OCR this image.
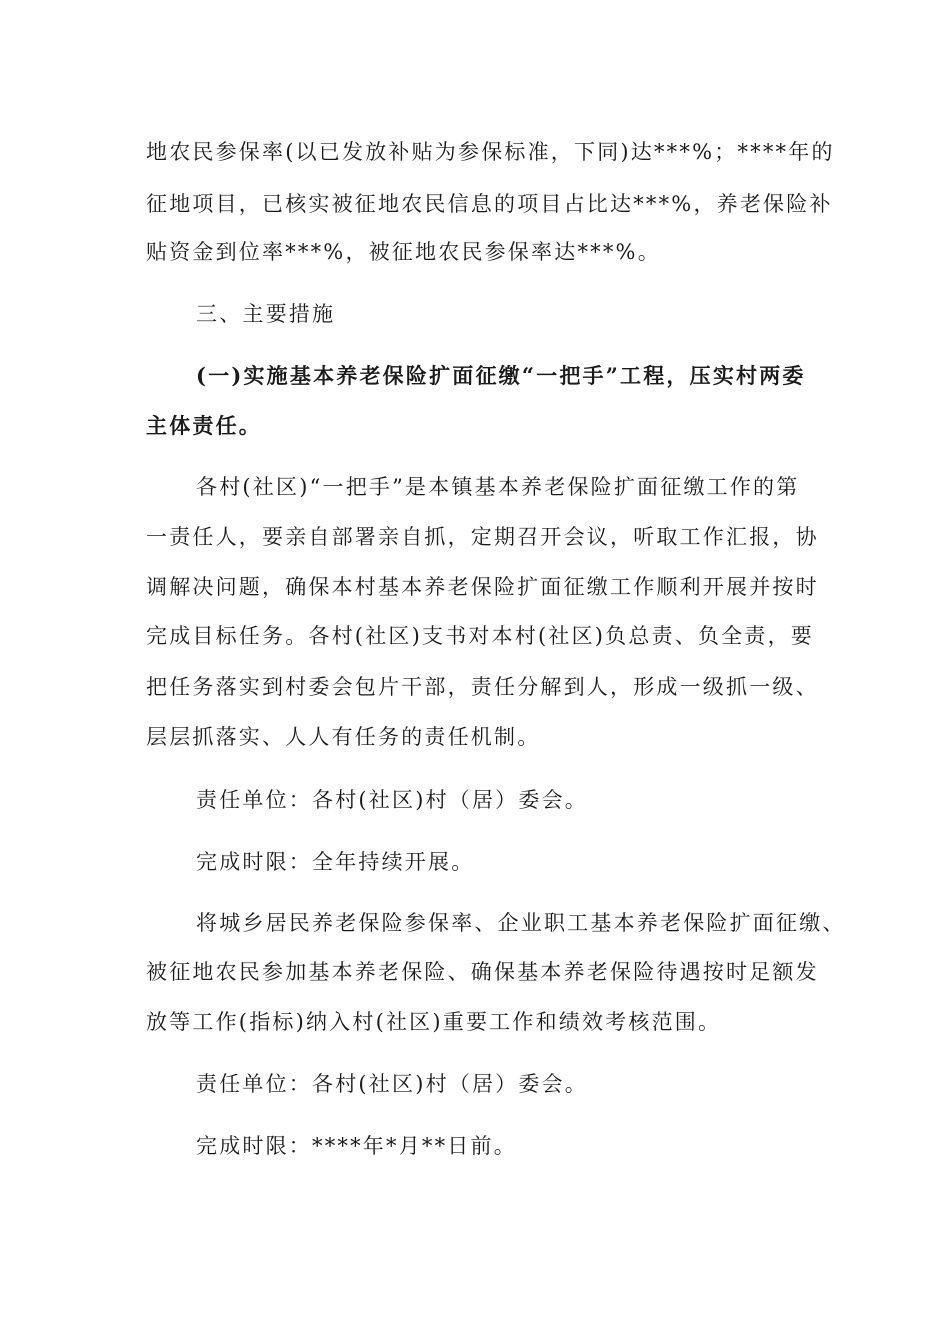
地农民参保率(以已发放补贴为参保标准，下同)达***%；****年的
征地项目，已核实被征地农民信息的项目占比达***%，养老保险补
贴资金到位率***%，被征地农民参保率达***%。
三、主要措施
(一)实施基本养老保险扩面征缴“一把手”工程，压实村两委
主体责任。
各村(社区)“一把手”是本镇基本养老保险扩面征缴工作的第
一责任人，要亲自部署亲自抓，定期召开会议，听取工作汇报，协
调解决问题，确保本村基本养老保险扩面征缴工作顺利开展并按时
完成目标任务。各村(社区)支书对本村(社区)负总责、负全责，要
把任务落实到村委会包片干部，责任分解到人，形成一级抓一级、
层层抓落实、人人有任务的责任机制。
责任单位：各村(社区)村（居）委会。
完成时限：全年持续开展。
将城乡居民养老保险参保率、企业职工基本养老保险扩面征缴、
被征地农民参加基本养老保险、确保基本养老保险待遇按时足额发
放等工作(指标)纳入村(社区)重要工作和绩效考核范围。
责任单位：各村(社区)村（居）委会。
完成时限：****年*月**日前。
